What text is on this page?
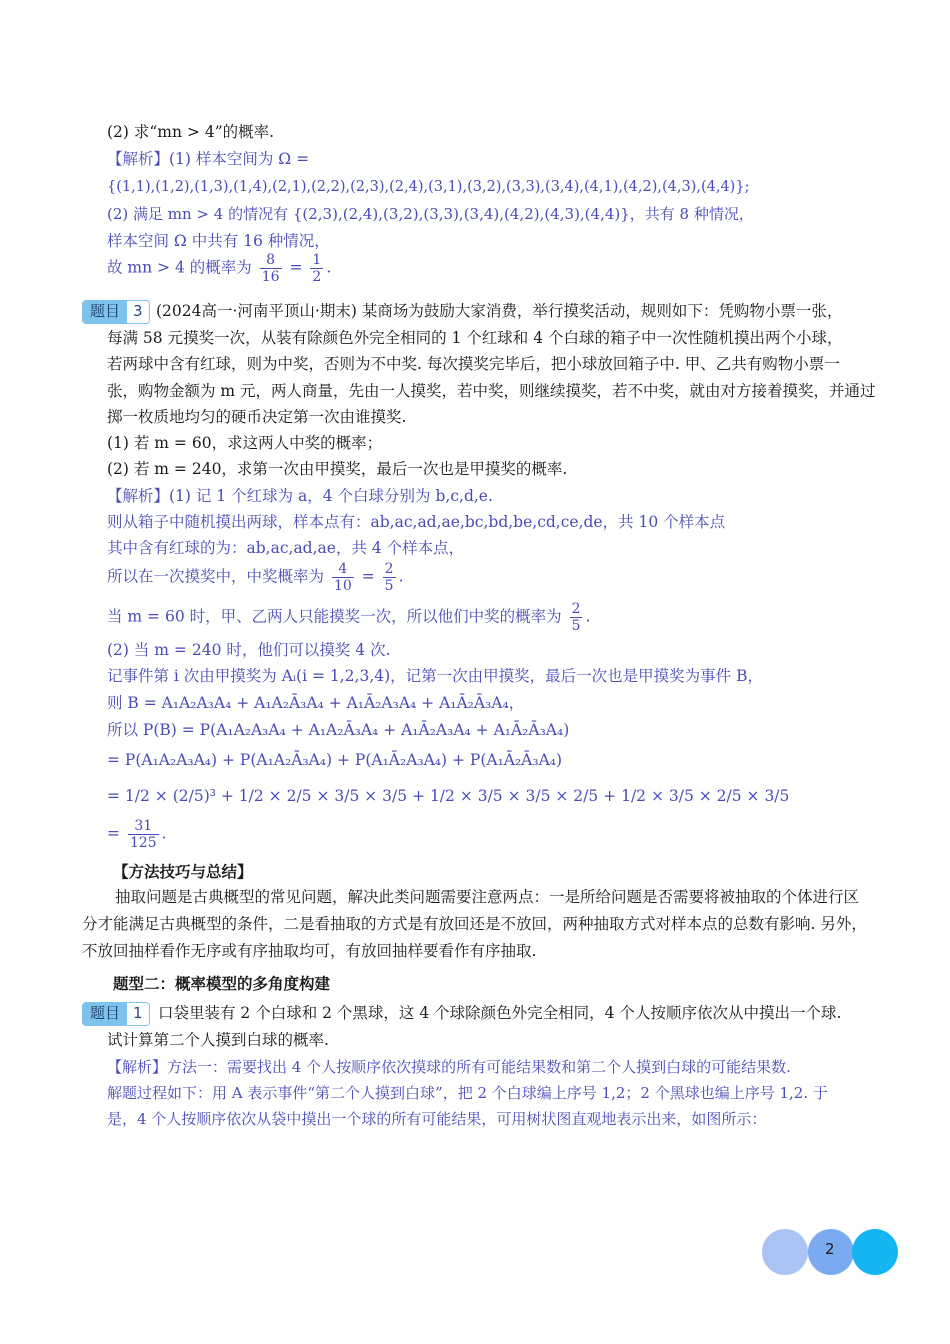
(2) 求“mn > 4”的概率.
【解析】(1) 样本空间为 Ω =
{(1,1),(1,2),(1,3),(1,4),(2,1),(2,2),(2,3),(2,4),(3,1),(3,2),(3,3),(3,4),(4,1),(4,2),(4,3),(4,4)};
(2) 满足 mn > 4 的情况有 {(2,3),(2,4),(3,2),(3,3),(3,4),(4,2),(4,3),(4,4)}，共有 8 种情况，
样本空间 Ω 中共有 16 种情况，
故 mn > 4 的概率为 $\frac{8}{16} = \frac{1}{2}$ .
题目 3 (2024高一·河南平顶山·期末) 某商场为鼓励大家消费，举行摸奖活动，规则如下：凭购物小票一张，
每满 58 元摸奖一次，从装有除颜色外完全相同的 1 个红球和 4 个白球的箱子中一次性随机摸出两个小球，
若两球中含有红球，则为中奖，否则为不中奖. 每次摸奖完毕后，把小球放回箱子中. 甲、乙共有购物小票一
张，购物金额为 m 元，两人商量，先由一人摸奖，若中奖，则继续摸奖，若不中奖，就由对方接着摸奖，并通过
掷一枚质地均匀的硬币决定第一次由谁摸奖.
(1) 若 m = 60，求这两人中奖的概率；
(2) 若 m = 240，求第一次由甲摸奖，最后一次也是甲摸奖的概率.
【解析】(1) 记 1 个红球为 a，4 个白球分别为 b,c,d,e.
则从箱子中随机摸出两球，样本点有：ab,ac,ad,ae,bc,bd,be,cd,ce,de，共 10 个样本点
其中含有红球的为：ab,ac,ad,ae，共 4 个样本点，
所以在一次摸奖中，中奖概率为 $\frac{4}{10} = \frac{2}{5}$ .
当 m = 60 时，甲、乙两人只能摸奖一次，所以他们中奖的概率为 $\frac{2}{5}$ .
(2) 当 m = 240 时，他们可以摸奖 4 次.
记事件第 i 次由甲摸奖为 Aᵢ(i = 1,2,3,4)，记第一次由甲摸奖，最后一次也是甲摸奖为事件 B，
则 B = A₁A₂A₃A₄ + A₁A₂Ā₃A₄ + A₁Ā₂A₃A₄ + A₁Ā₂Ā₃A₄，
所以 P(B) = P(A₁A₂A₃A₄ + A₁A₂Ā₃A₄ + A₁Ā₂A₃A₄ + A₁Ā₂Ā₃A₄)
= P(A₁A₂A₃A₄) + P(A₁A₂Ā₃A₄) + P(A₁Ā₂A₃A₄) + P(A₁Ā₂Ā₃A₄)
= 1/2 × (2/5)³ + 1/2 × 2/5 × 3/5 × 3/5 + 1/2 × 3/5 × 3/5 × 2/5 + 1/2 × 3/5 × 2/5 × 3/5
= $\frac{31}{125}$ .
【方法技巧与总结】
抽取问题是古典概型的常见问题，解决此类问题需要注意两点：一是所给问题是否需要将被抽取的个体进行区分才能满足古典概型的条件，二是看抽取的方式是有放回还是不放回，两种抽取方式对样本点的总数有影响. 另外，不放回抽样看作无序或有序抽取均可，有放回抽样要看作有序抽取.
题型二：概率模型的多角度构建
题目 1 口袋里装有 2 个白球和 2 个黑球，这 4 个球除颜色外完全相同，4 个人按顺序依次从中摸出一个球.
试计算第二个人摸到白球的概率.
【解析】方法一：需要找出 4 个人按顺序依次摸球的所有可能结果数和第二个人摸到白球的可能结果数.
解题过程如下：用 A 表示事件“第二个人摸到白球”，把 2 个白球编上序号 1,2；2 个黑球也编上序号 1,2. 于
是，4 个人按顺序依次从袋中摸出一个球的所有可能结果，可用树状图直观地表示出来，如图所示：
2
